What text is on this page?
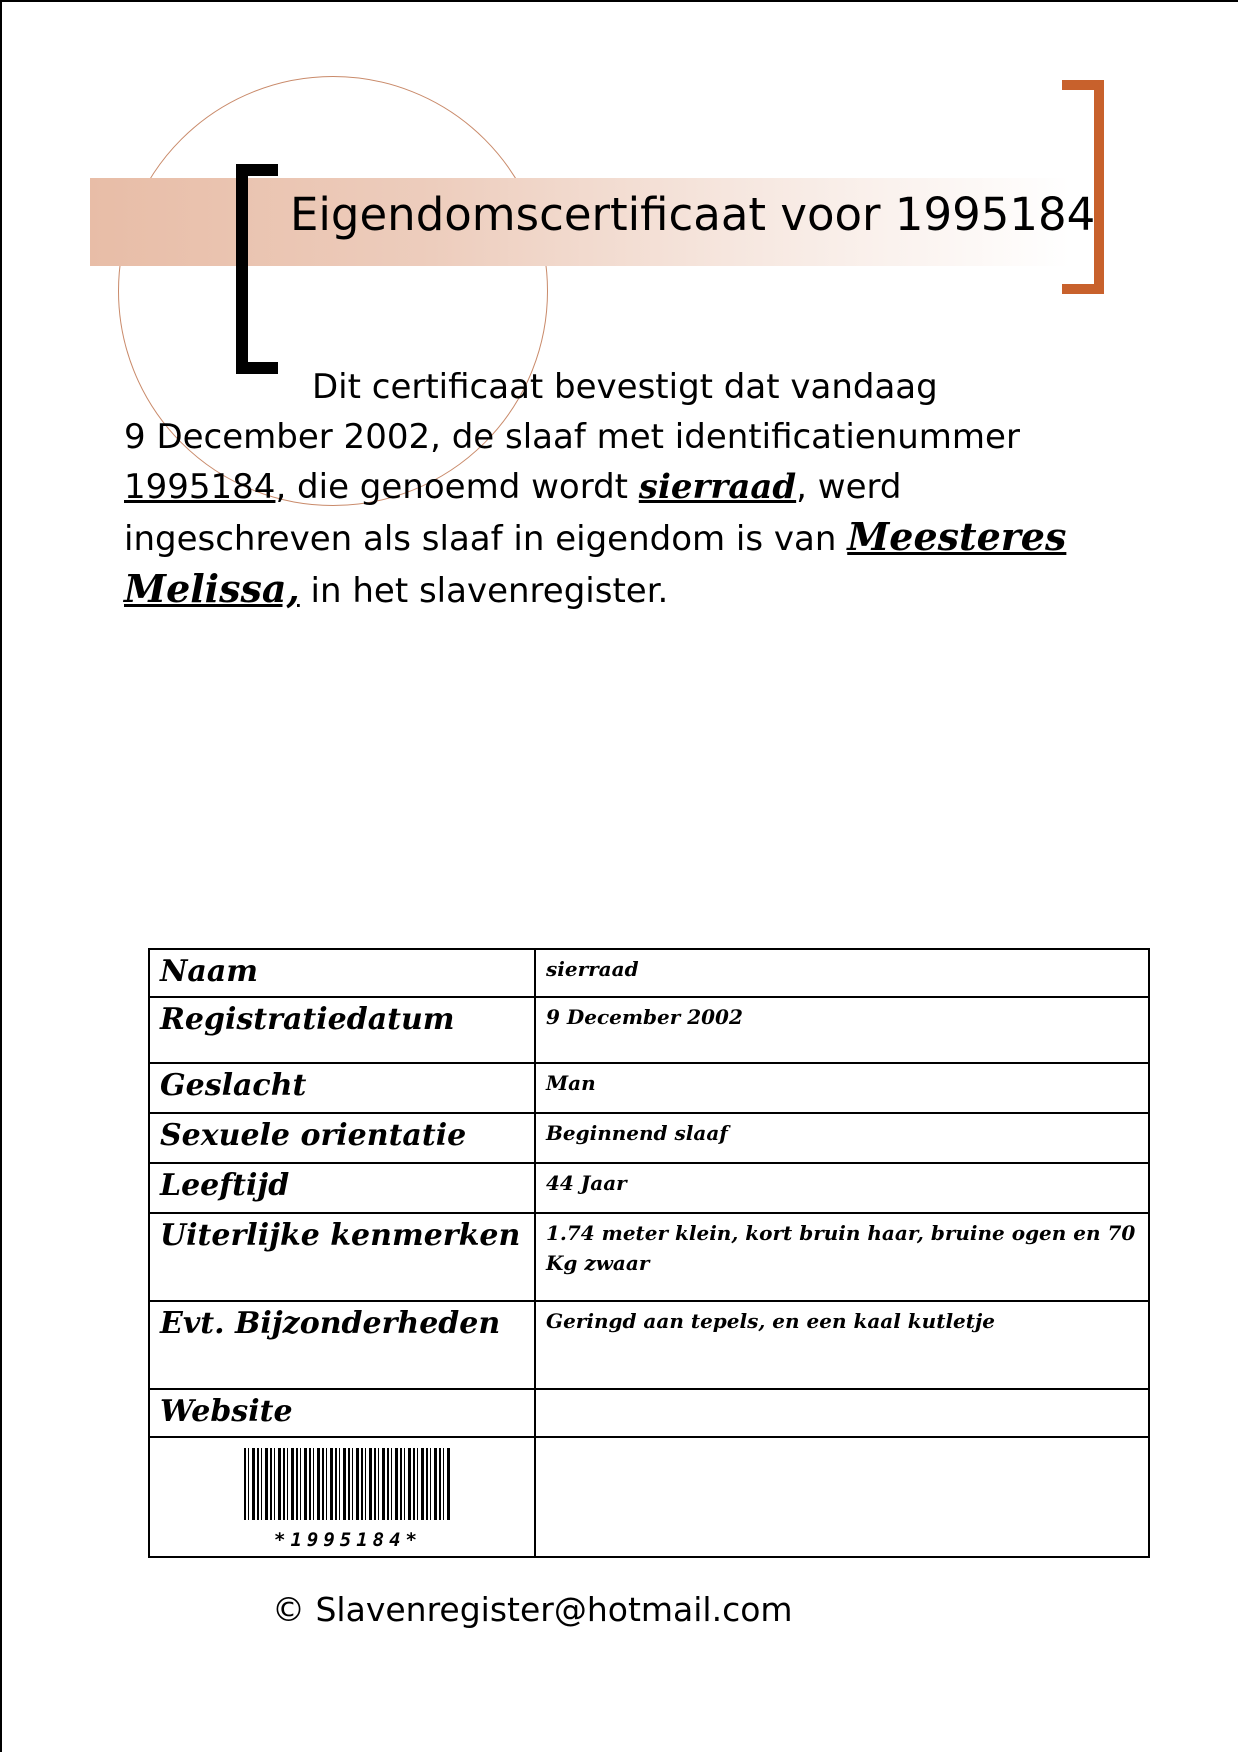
Eigendomscertificaat voor 1995184
Dit certificaat bevestigt dat vandaag
9 December 2002, de slaaf met identificatienummer
1995184, die genoemd wordt sierraad, werd
ingeschreven als slaaf in eigendom is van Meesteres
Melissa, in het slavenregister.
Naam	sierraad
Registratiedatum	9 December 2002
Geslacht	Man
Sexuele orientatie	Beginnend slaaf
Leeftijd	44 Jaar
Uiterlijke kenmerken	1.74 meter klein, kort bruin haar, bruine ogen en 70 Kg zwaar
Evt. Bijzonderheden	Geringd aan tepels, en een kaal kutletje
Website	

*1995184*	

© Slavenregister@hotmail.com
